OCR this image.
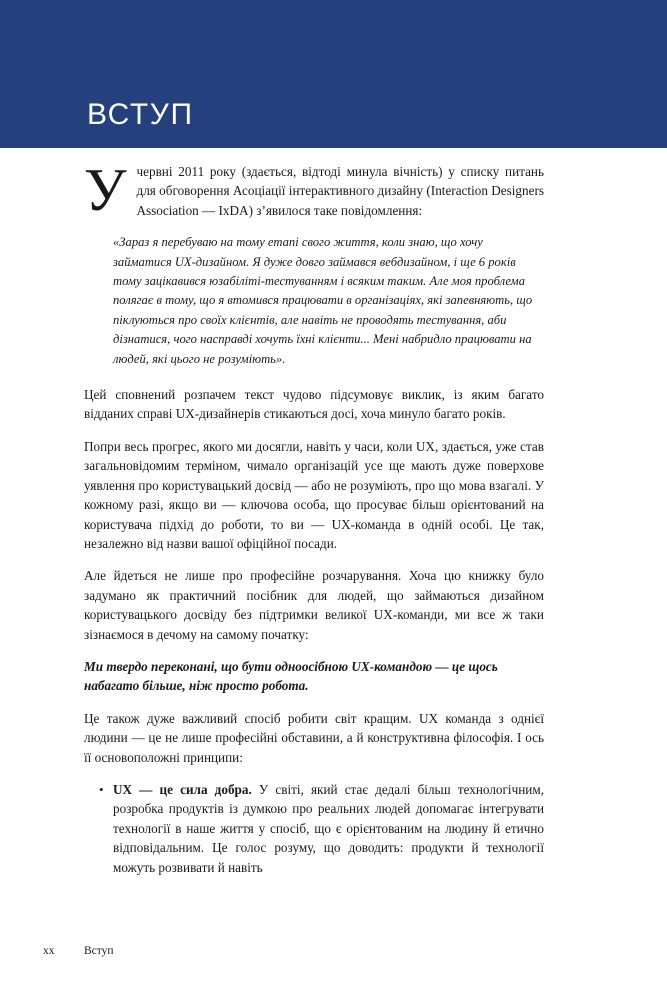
ВСТУП

Учервні 2011 року (здається, відтоді минула вічність) у списку питань для обговорення Асоціації інтерактивного дизайну (Interaction Designers Association — IxDA) з’явилося таке повідомлення:

«Зараз я перебуваю на тому етапі свого життя, коли знаю, що хочу займатися UX-дизайном. Я дуже довго займався вебдизайном, і ще 6 років тому зацікавився юзабіліті-тестуванням і всяким таким. Але моя проблема полягає в тому, що я втомився працювати в організаціях, які запевняють, що піклуються про своїх клієнтів, але навіть не проводять тестування, аби дізнатися, чого насправді хочуть їхні клієнти... Мені набридло працювати на людей, які цього не розуміють».

Цей сповнений розпачем текст чудово підсумовує виклик, із яким багато відданих справі UX-дизайнерів стикаються досі, хоча минуло багато років.

Попри весь прогрес, якого ми досягли, навіть у часи, коли UX, здається, уже став загальновідомим терміном, чимало організацій усе ще мають дуже поверхове уявлення про користувацький досвід — або не розуміють, про що мова взагалі. У кожному разі, якщо ви — ключова особа, що просуває більш орієнтований на користувача підхід до роботи, то ви — UX-команда в одній особі. Це так, незалежно від назви вашої офіційної посади.

Але йдеться не лише про професійне розчарування. Хоча цю книжку було задумано як практичний посібник для людей, що займаються дизайном користувацького досвіду без підтримки великої UX-команди, ми все ж таки зізнаємося в дечому на самому початку:

Ми твердо переконані, що бути одноосібною UX-командою — це щось набагато більше, ніж просто робота.

Це також дуже важливий спосіб робити світ кращим. UX команда з однієї людини — це не лише професійні обставини, а й конструктивна філософія. І ось її основоположні принципи:

• UX — це сила добра. У світі, який стає дедалі більш технологічним, розробка продуктів із думкою про реальних людей допомагає інтегрувати технології в наше життя у спосіб, що є орієнтованим на людину й етично відповідальним. Це голос розуму, що доводить: продукти й технології можуть розвивати й навіть
xx	Вступ
